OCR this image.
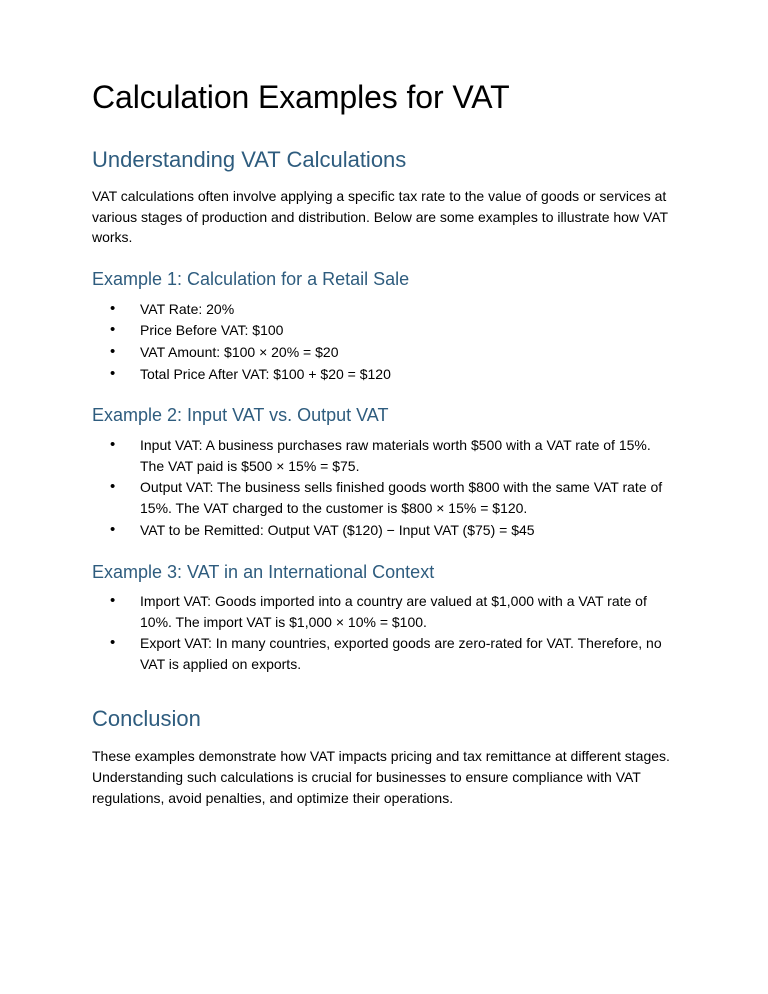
Calculation Examples for VAT
Understanding VAT Calculations

VAT calculations often involve applying a specific tax rate to the value of goods or services at various stages of production and distribution. Below are some examples to illustrate how VAT works.

Example 1: Calculation for a Retail Sale
• VAT Rate: 20%
• Price Before VAT: $100
• VAT Amount: $100 × 20% = $20
• Total Price After VAT: $100 + $20 = $120
Example 2: Input VAT vs. Output VAT
• Input VAT: A business purchases raw materials worth $500 with a VAT rate of 15%. The VAT paid is $500 × 15% = $75.
• Output VAT: The business sells finished goods worth $800 with the same VAT rate of 15%. The VAT charged to the customer is $800 × 15% = $120.
• VAT to be Remitted: Output VAT ($120) − Input VAT ($75) = $45
Example 3: VAT in an International Context
• Import VAT: Goods imported into a country are valued at $1,000 with a VAT rate of 10%. The import VAT is $1,000 × 10% = $100.
• Export VAT: In many countries, exported goods are zero-rated for VAT. Therefore, no VAT is applied on exports.
Conclusion

These examples demonstrate how VAT impacts pricing and tax remittance at different stages. Understanding such calculations is crucial for businesses to ensure compliance with VAT regulations, avoid penalties, and optimize their operations.
